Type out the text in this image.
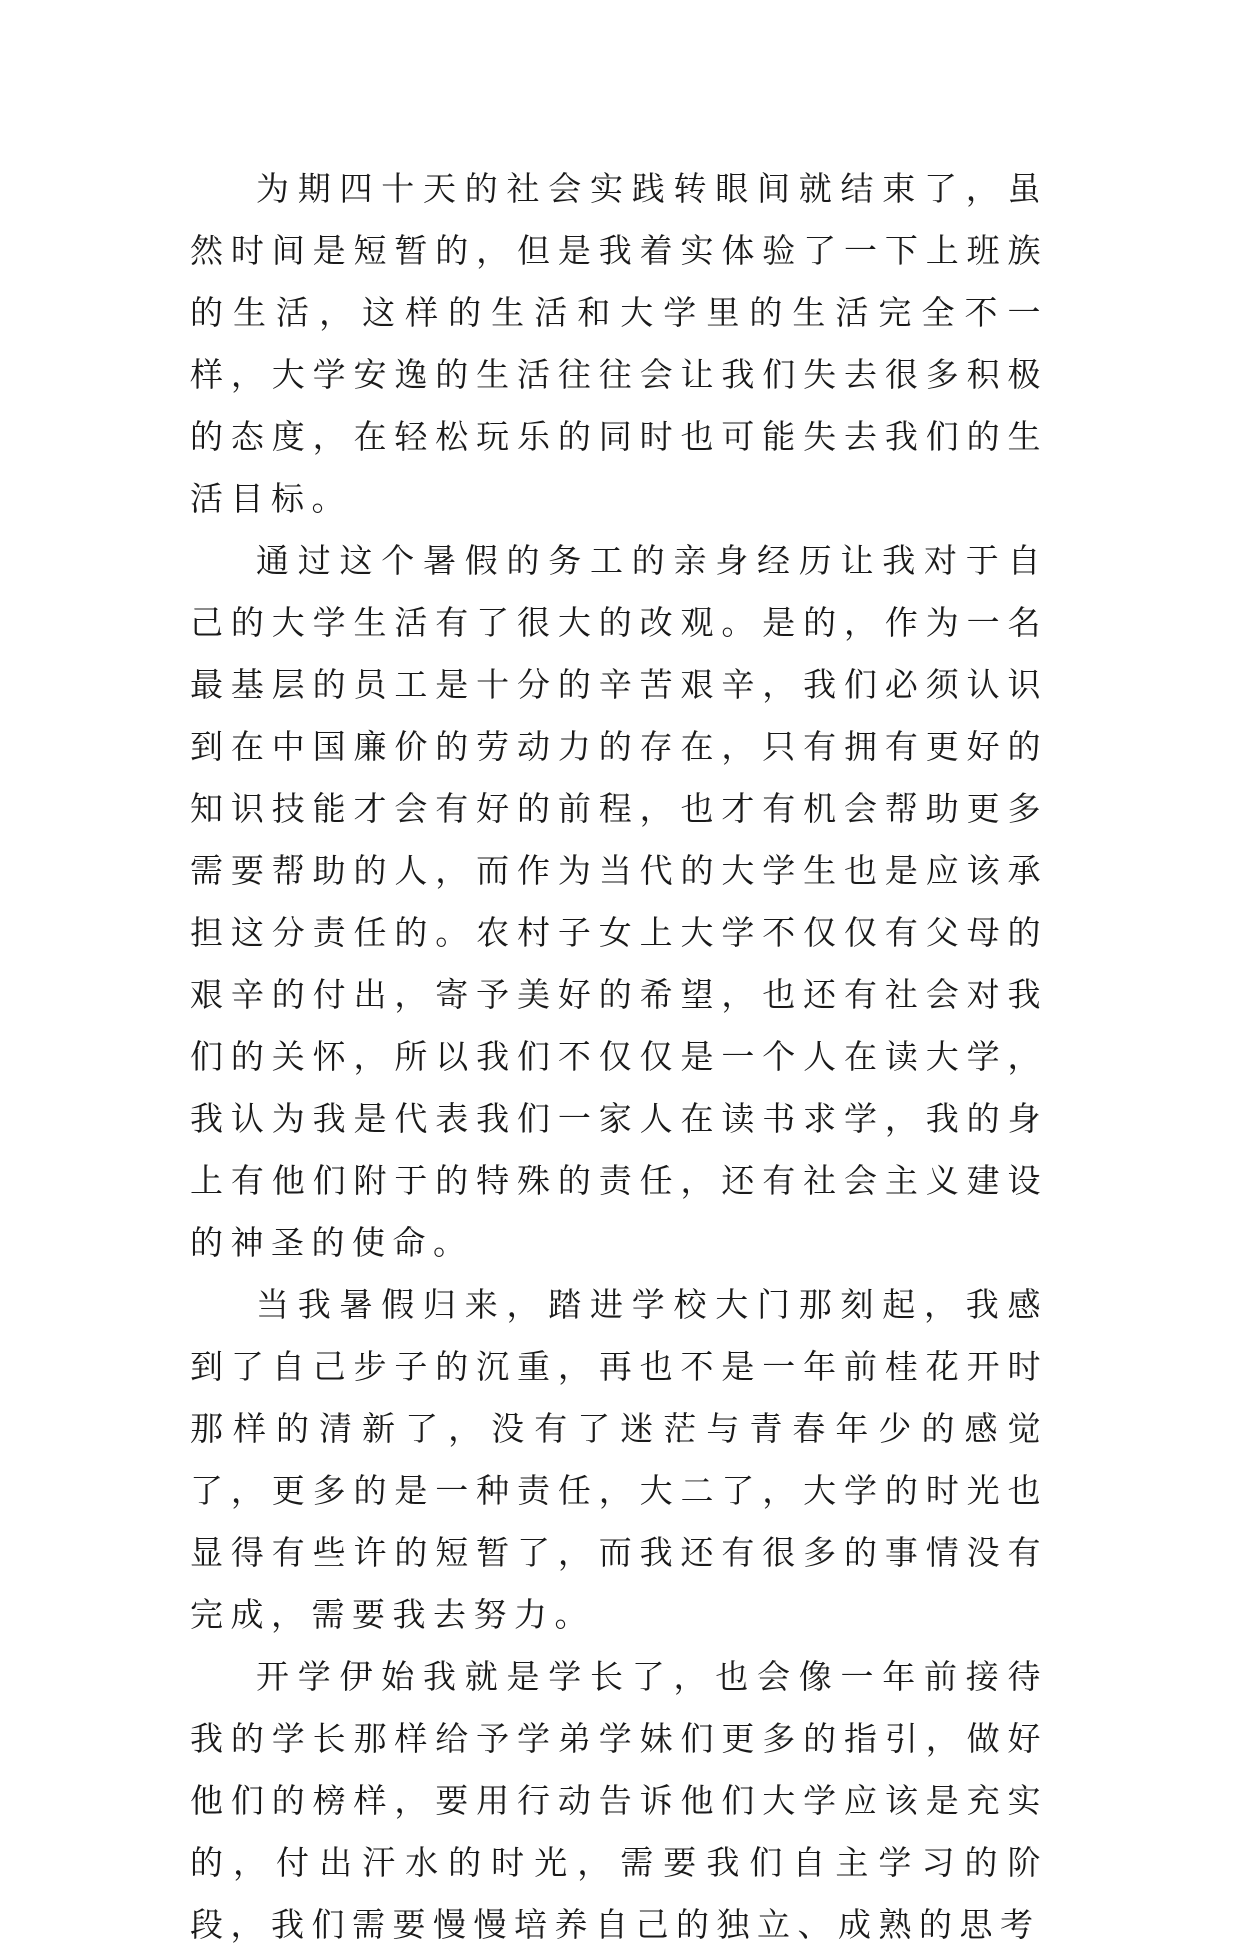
为期四十天的社会实践转眼间就结束了，虽然时间是短暂的，但是我着实体验了一下上班族的生活，这样的生活和大学里的生活完全不一样，大学安逸的生活往往会让我们失去很多积极的态度，在轻松玩乐的同时也可能失去我们的生活目标。

通过这个暑假的务工的亲身经历让我对于自己的大学生活有了很大的改观。是的，作为一名最基层的员工是十分的辛苦艰辛，我们必须认识到在中国廉价的劳动力的存在，只有拥有更好的知识技能才会有好的前程，也才有机会帮助更多需要帮助的人，而作为当代的大学生也是应该承担这分责任的。农村子女上大学不仅仅有父母的艰辛的付出，寄予美好的希望，也还有社会对我们的关怀，所以我们不仅仅是一个人在读大学，我认为我是代表我们一家人在读书求学，我的身上有他们附于的特殊的责任，还有社会主义建设的神圣的使命。

当我暑假归来，踏进学校大门那刻起，我感到了自己步子的沉重，再也不是一年前桂花开时那样的清新了，没有了迷茫与青春年少的感觉了，更多的是一种责任，大二了，大学的时光也显得有些许的短暂了，而我还有很多的事情没有完成，需要我去努力。

开学伊始我就是学长了，也会像一年前接待我的学长那样给予学弟学妹们更多的指引，做好他们的榜样，要用行动告诉他们大学应该是充实的，付出汗水的时光，需要我们自主学习的阶段，我们需要慢慢培养自己的独立、成熟的思考
